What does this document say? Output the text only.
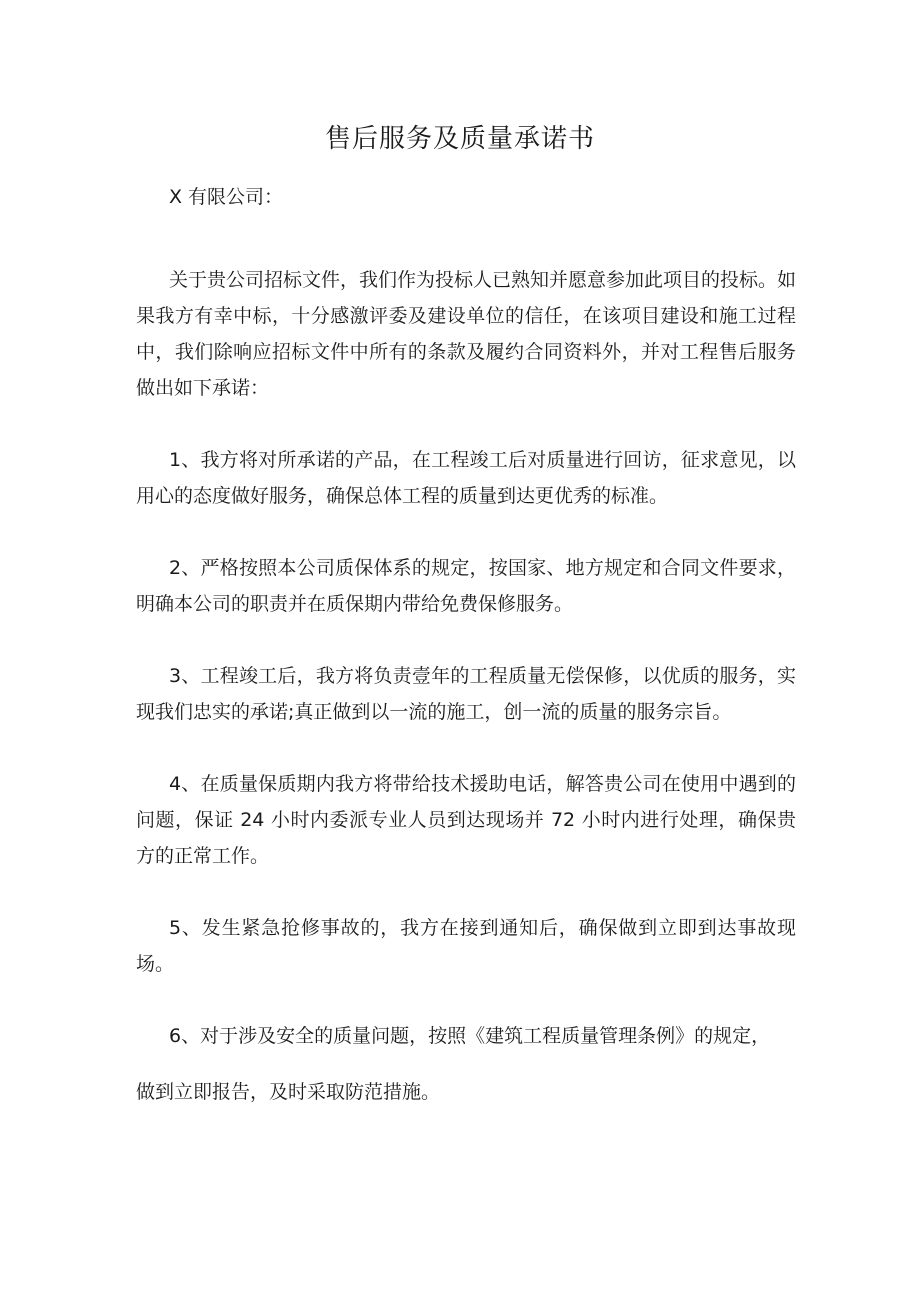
售后服务及质量承诺书
X 有限公司：

关于贵公司招标文件，我们作为投标人已熟知并愿意参加此项目的投标。如果我方有幸中标，十分感激评委及建设单位的信任，在该项目建设和施工过程中，我们除响应招标文件中所有的条款及履约合同资料外，并对工程售后服务做出如下承诺：

1、我方将对所承诺的产品，在工程竣工后对质量进行回访，征求意见，以用心的态度做好服务，确保总体工程的质量到达更优秀的标准。

2、严格按照本公司质保体系的规定，按国家、地方规定和合同文件要求，明确本公司的职责并在质保期内带给免费保修服务。

3、工程竣工后，我方将负责壹年的工程质量无偿保修，以优质的服务，实现我们忠实的承诺;真正做到以一流的施工，创一流的质量的服务宗旨。

4、在质量保质期内我方将带给技术援助电话，解答贵公司在使用中遇到的问题，保证 24 小时内委派专业人员到达现场并 72 小时内进行处理，确保贵方的正常工作。

5、发生紧急抢修事故的，我方在接到通知后，确保做到立即到达事故现场。

6、对于涉及安全的质量问题，按照《建筑工程质量管理条例》的规定，
做到立即报告，及时采取防范措施。
